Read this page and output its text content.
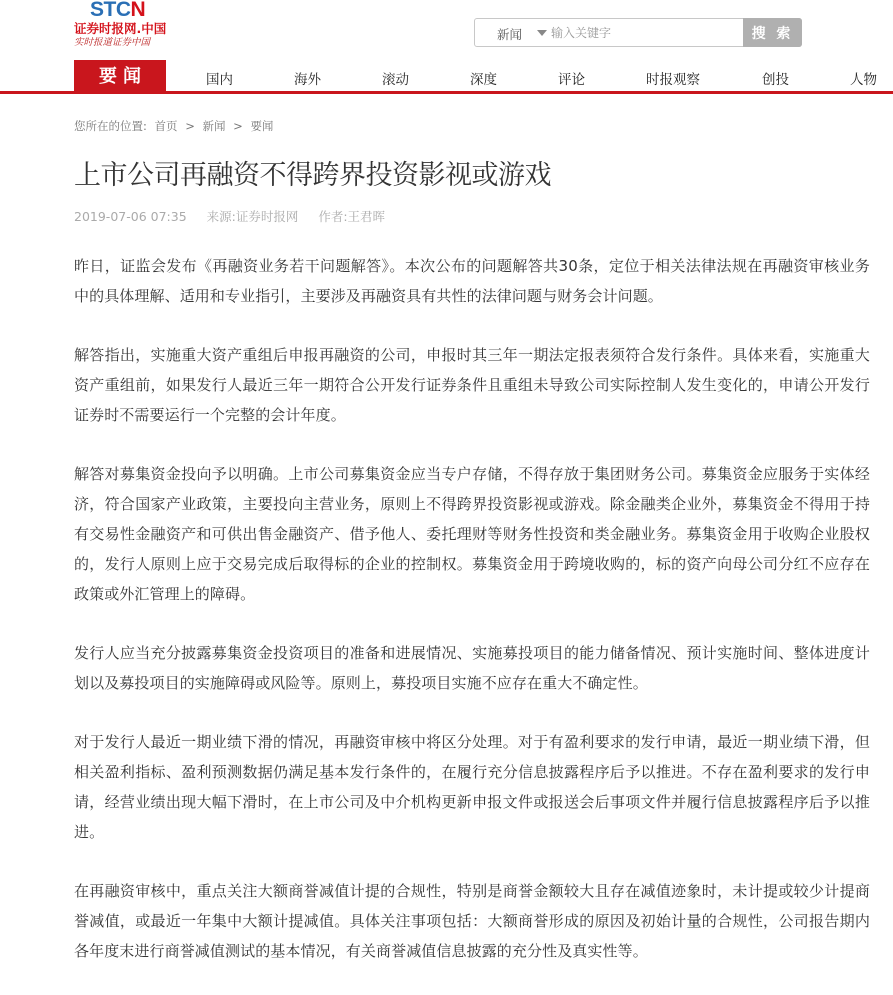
STCN
证券时报网.中国
实时报道证券中国
新闻
输入关键字	搜 索
要闻	国内	海外	滚动	深度	评论	时报观察	创投	人物
您所在的位置: 首页 > 新闻 > 要闻
上市公司再融资不得跨界投资影视或游戏
2019-07-06 07:35 来源:证券时报网 作者:王君晖

昨日，证监会发布《再融资业务若干问题解答》。本次公布的问题解答共30条，定位于相关法律法规在再融资审核业务中的具体理解、适用和专业指引，主要涉及再融资具有共性的法律问题与财务会计问题。

解答指出，实施重大资产重组后申报再融资的公司，申报时其三年一期法定报表须符合发行条件。具体来看，实施重大资产重组前，如果发行人最近三年一期符合公开发行证券条件且重组未导致公司实际控制人发生变化的，申请公开发行证券时不需要运行一个完整的会计年度。

解答对募集资金投向予以明确。上市公司募集资金应当专户存储，不得存放于集团财务公司。募集资金应服务于实体经济，符合国家产业政策，主要投向主营业务，原则上不得跨界投资影视或游戏。除金融类企业外，募集资金不得用于持有交易性金融资产和可供出售金融资产、借予他人、委托理财等财务性投资和类金融业务。募集资金用于收购企业股权的，发行人原则上应于交易完成后取得标的企业的控制权。募集资金用于跨境收购的，标的资产向母公司分红不应存在政策或外汇管理上的障碍。

发行人应当充分披露募集资金投资项目的准备和进展情况、实施募投项目的能力储备情况、预计实施时间、整体进度计划以及募投项目的实施障碍或风险等。原则上，募投项目实施不应存在重大不确定性。

对于发行人最近一期业绩下滑的情况，再融资审核中将区分处理。对于有盈利要求的发行申请，最近一期业绩下滑，但相关盈利指标、盈利预测数据仍满足基本发行条件的，在履行充分信息披露程序后予以推进。不存在盈利要求的发行申请，经营业绩出现大幅下滑时，在上市公司及中介机构更新申报文件或报送会后事项文件并履行信息披露程序后予以推进。

在再融资审核中，重点关注大额商誉减值计提的合规性，特别是商誉金额较大且存在减值迹象时，未计提或较少计提商誉减值，或最近一年集中大额计提减值。具体关注事项包括：大额商誉形成的原因及初始计量的合规性，公司报告期内各年度末进行商誉减值测试的基本情况，有关商誉减值信息披露的充分性及真实性等。
